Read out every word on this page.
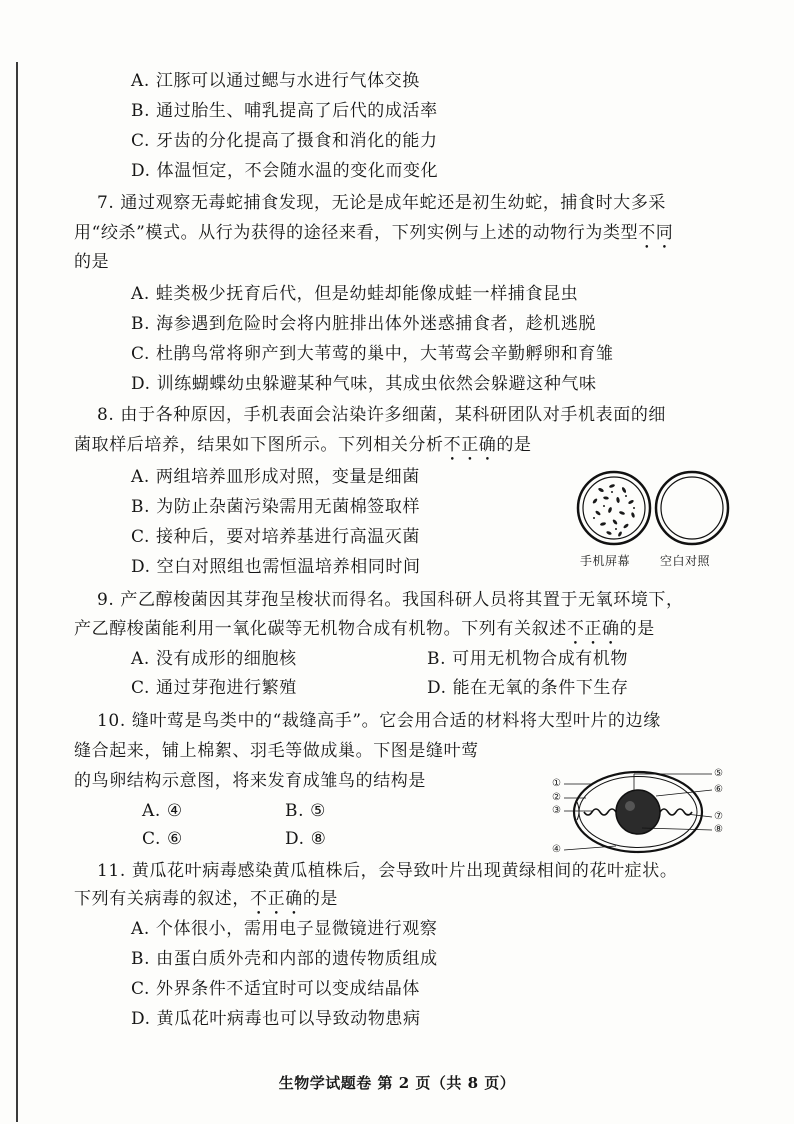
A. 江豚可以通过鳃与水进行气体交换
B. 通过胎生、哺乳提高了后代的成活率
C. 牙齿的分化提高了摄食和消化的能力
D. 体温恒定，不会随水温的变化而变化
7. 通过观察无毒蛇捕食发现，无论是成年蛇还是初生幼蛇，捕食时大多采
用“绞杀”模式。从行为获得的途径来看，下列实例与上述的动物行为类型不同
的是
A. 蛙类极少抚育后代，但是幼蛙却能像成蛙一样捕食昆虫
B. 海参遇到危险时会将内脏排出体外迷惑捕食者，趁机逃脱
C. 杜鹃鸟常将卵产到大苇莺的巢中，大苇莺会辛勤孵卵和育雏
D. 训练蝴蝶幼虫躲避某种气味，其成虫依然会躲避这种气味
8. 由于各种原因，手机表面会沾染许多细菌，某科研团队对手机表面的细
菌取样后培养，结果如下图所示。下列相关分析不正确的是
A. 两组培养皿形成对照，变量是细菌
B. 为防止杂菌污染需用无菌棉签取样
C. 接种后，要对培养基进行高温灭菌
D. 空白对照组也需恒温培养相同时间	手机屏幕 空白对照
9. 产乙醇梭菌因其芽孢呈梭状而得名。我国科研人员将其置于无氧环境下，
产乙醇梭菌能利用一氧化碳等无机物合成有机物。下列有关叙述不正确的是
A. 没有成形的细胞核	B. 可用无机物合成有机物
C. 通过芽孢进行繁殖	D. 能在无氧的条件下生存
10. 缝叶莺是鸟类中的“裁缝高手”。它会用合适的材料将大型叶片的边缘
缝合起来，铺上棉絮、羽毛等做成巢。下图是缝叶莺
的鸟卵结构示意图，将来发育成雏鸟的结构是
A. ④	B. ⑤
C. ⑥	D. ⑧
①
②
③
④
⑤
⑥
⑦
⑧
11. 黄瓜花叶病毒感染黄瓜植株后，会导致叶片出现黄绿相间的花叶症状。
下列有关病毒的叙述，不正确的是
A. 个体很小，需用电子显微镜进行观察
B. 由蛋白质外壳和内部的遗传物质组成
C. 外界条件不适宜时可以变成结晶体
D. 黄瓜花叶病毒也可以导致动物患病
生物学试题卷 第 2 页（共 8 页）
